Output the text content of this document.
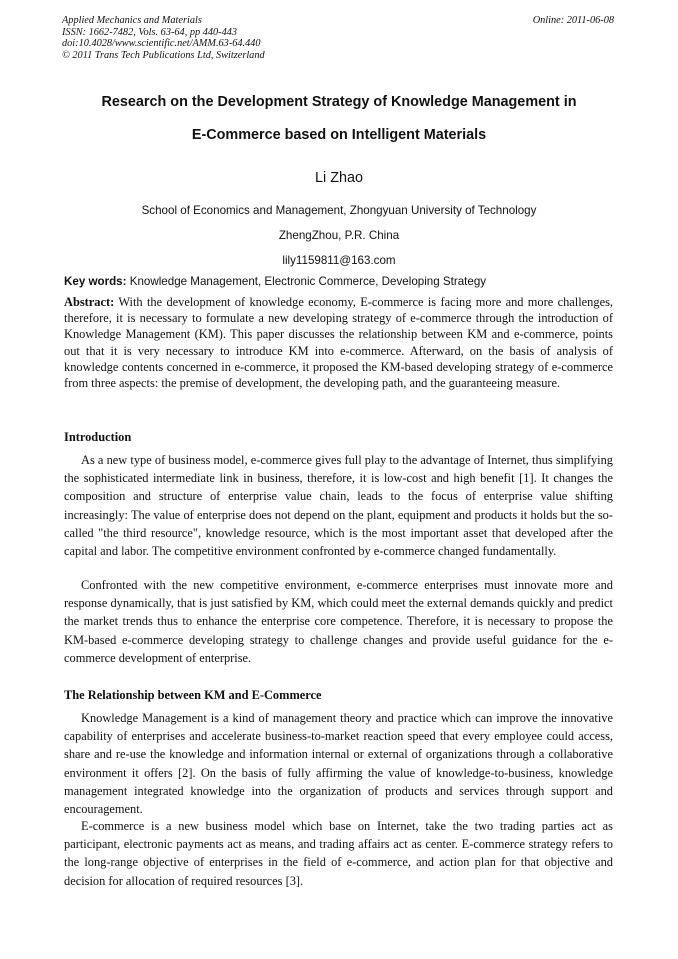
Applied Mechanics and Materials
ISSN: 1662-7482, Vols. 63-64, pp 440-443
doi:10.4028/www.scientific.net/AMM.63-64.440
© 2011 Trans Tech Publications Ltd, Switzerland
Online: 2011-06-08
Research on the Development Strategy of Knowledge Management in
E-Commerce based on Intelligent Materials
Li Zhao
School of Economics and Management, Zhongyuan University of Technology
ZhengZhou, P.R. China
lily1159811@163.com
Key words: Knowledge Management, Electronic Commerce, Developing Strategy

Abstract: With the development of knowledge economy, E-commerce is facing more and more challenges, therefore, it is necessary to formulate a new developing strategy of e-commerce through the introduction of Knowledge Management (KM). This paper discusses the relationship between KM and e-commerce, points out that it is very necessary to introduce KM into e-commerce. Afterward, on the basis of analysis of knowledge contents concerned in e-commerce, it proposed the KM-based developing strategy of e-commerce from three aspects: the premise of development, the developing path, and the guaranteeing measure.

Introduction

As a new type of business model, e-commerce gives full play to the advantage of Internet, thus simplifying the sophisticated intermediate link in business, therefore, it is low-cost and high benefit [1]. It changes the composition and structure of enterprise value chain, leads to the focus of enterprise value shifting increasingly: The value of enterprise does not depend on the plant, equipment and products it holds but the so-called "the third resource", knowledge resource, which is the most important asset that developed after the capital and labor. The competitive environment confronted by e-commerce changed fundamentally.

Confronted with the new competitive environment, e-commerce enterprises must innovate more and response dynamically, that is just satisfied by KM, which could meet the external demands quickly and predict the market trends thus to enhance the enterprise core competence. Therefore, it is necessary to propose the KM-based e-commerce developing strategy to challenge changes and provide useful guidance for the e-commerce development of enterprise.

The Relationship between KM and E-Commerce

Knowledge Management is a kind of management theory and practice which can improve the innovative capability of enterprises and accelerate business-to-market reaction speed that every employee could access, share and re-use the knowledge and information internal or external of organizations through a collaborative environment it offers [2]. On the basis of fully affirming the value of knowledge-to-business, knowledge management integrated knowledge into the organization of products and services through support and encouragement.

E-commerce is a new business model which base on Internet, take the two trading parties act as participant, electronic payments act as means, and trading affairs act as center. E-commerce strategy refers to the long-range objective of enterprises in the field of e-commerce, and action plan for that objective and decision for allocation of required resources [3].
